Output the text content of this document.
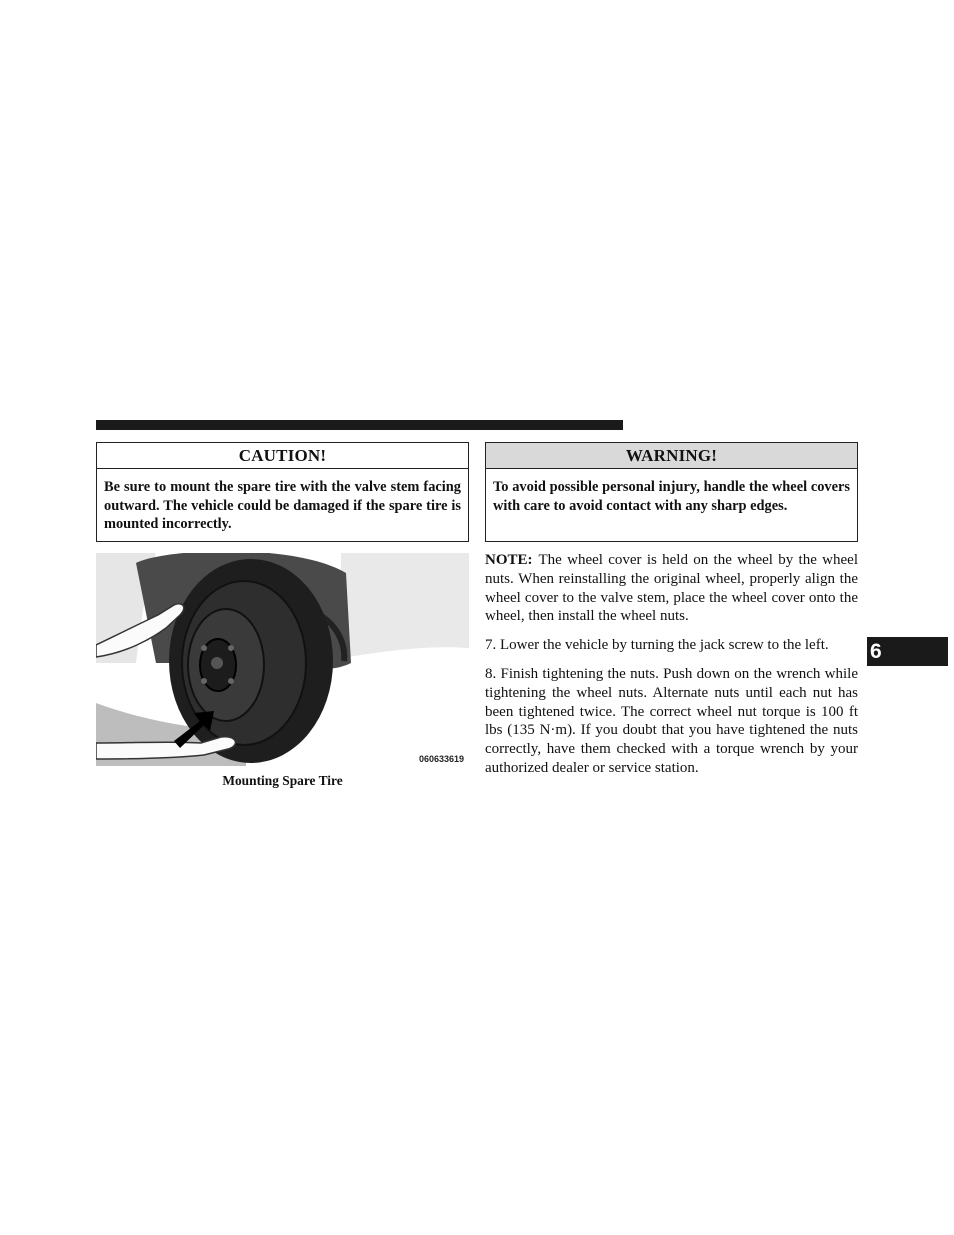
CAUTION!
Be sure to mount the spare tire with the valve stem facing outward. The vehicle could be damaged if the spare tire is mounted incorrectly.
WARNING!
To avoid possible personal injury, handle the wheel covers with care to avoid contact with any sharp edges.
060633619
Mounting Spare Tire

NOTE: The wheel cover is held on the wheel by the wheel nuts. When reinstalling the original wheel, properly align the wheel cover to the valve stem, place the wheel cover onto the wheel, then install the wheel nuts.

7. Lower the vehicle by turning the jack screw to the left.

8. Finish tightening the nuts. Push down on the wrench while tightening the wheel nuts. Alternate nuts until each nut has been tightened twice. The correct wheel nut torque is 100 ft lbs (135 N·m). If you doubt that you have tightened the nuts correctly, have them checked with a torque wrench by your authorized dealer or service station.

6
